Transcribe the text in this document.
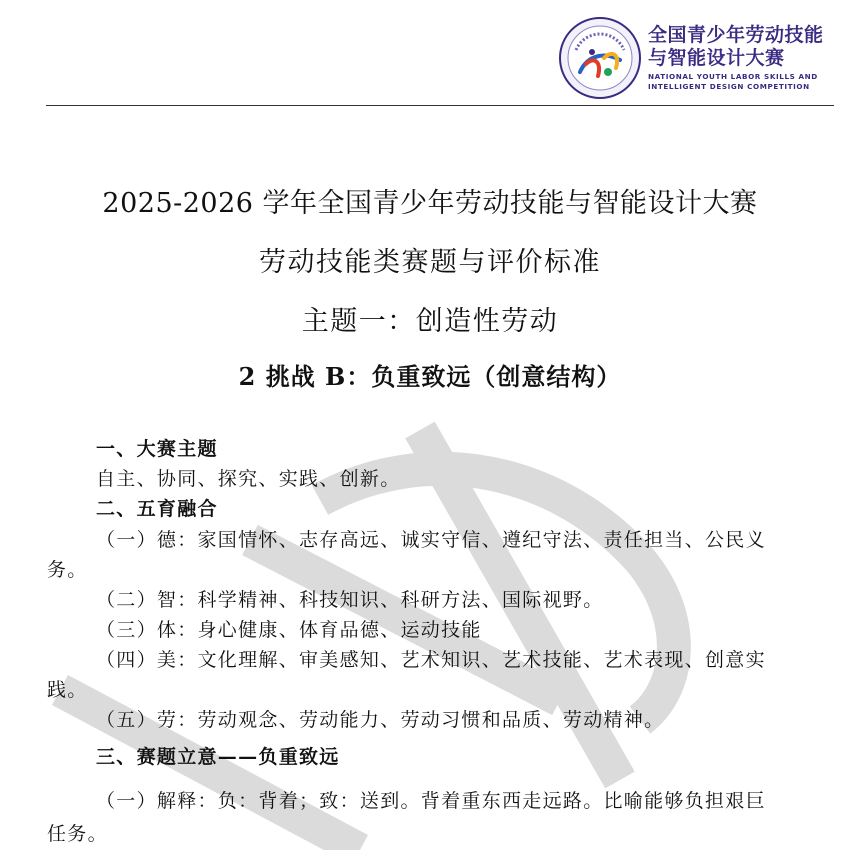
全国青少年劳动技能
与智能设计大赛
NATIONAL YOUTH LABOR SKILLS AND
INTELLIGENT DESIGN COMPETITION
2025-2026 学年全国青少年劳动技能与智能设计大赛
劳动技能类赛题与评价标准
主题一：创造性劳动
2 挑战 B：负重致远（创意结构）
一、大赛主题
自主、协同、探究、实践、创新。
二、五育融合
（一）德：家国情怀、志存高远、诚实守信、遵纪守法、责任担当、公民义
务。
（二）智：科学精神、科技知识、科研方法、国际视野。
（三）体：身心健康、体育品德、运动技能
（四）美：文化理解、审美感知、艺术知识、艺术技能、艺术表现、创意实
践。
（五）劳：劳动观念、劳动能力、劳动习惯和品质、劳动精神。
三、赛题立意——负重致远
（一）解释：负：背着；致：送到。背着重东西走远路。比喻能够负担艰巨
任务。
